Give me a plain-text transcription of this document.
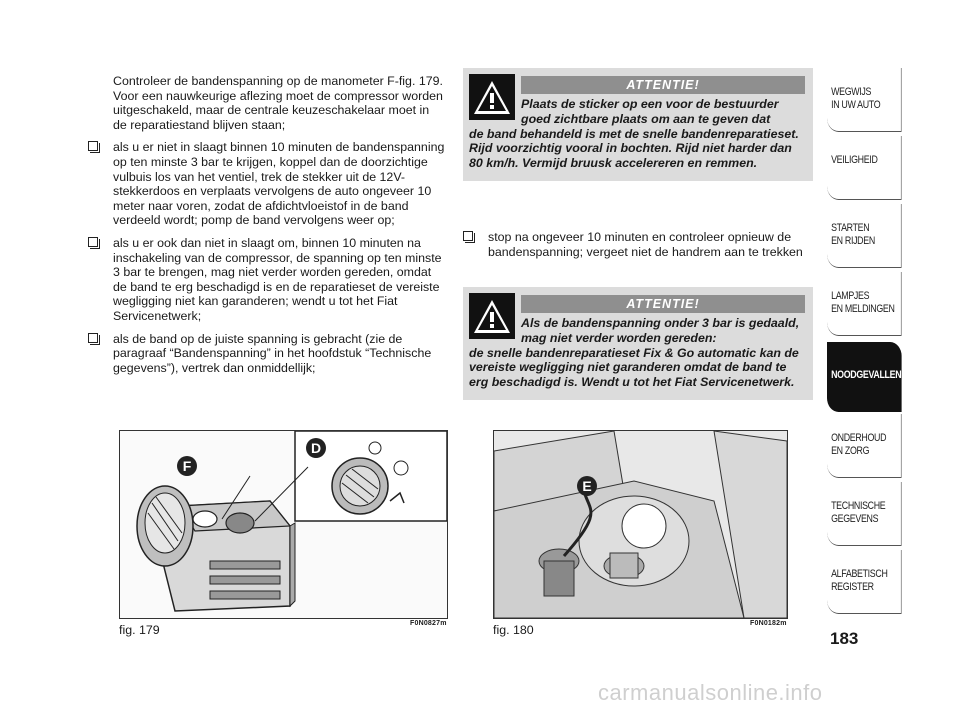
Controleer de bandenspanning op de manometer F-fig. 179. Voor een nauwkeurige aflezing moet de compressor worden uitgeschakeld, maar de centrale keuzeschakelaar moet in de reparatiestand blijven staan;

als u er niet in slaagt binnen 10 minuten de bandenspanning op ten minste 3 bar te krijgen, koppel dan de doorzichtige vulbuis los van het ventiel, trek de stekker uit de 12V-stekkerdoos en verplaats vervolgens de auto ongeveer 10 meter naar voren, zodat de afdichtvloeistof in de band verdeeld wordt; pomp de band vervolgens weer op;
als u er ook dan niet in slaagt om, binnen 10 minuten na inschakeling van de compressor, de spanning op ten minste 3 bar te brengen, mag niet verder worden gereden, omdat de band te erg beschadigd is en de reparatieset de vereiste wegligging niet kan garanderen; wendt u tot het Fiat Servicenetwerk;
als de band op de juiste spanning is gebracht (zie de paragraaf “Bandenspanning” in het hoofdstuk “Technische gegevens”), vertrek dan onmiddellijk;
ATTENTIE!
Plaats de sticker op een voor de bestuurder goed zichtbare plaats om aan te geven dat
de band behandeld is met de snelle bandenreparatieset. Rijd voorzichtig vooral in bochten. Rijd niet harder dan 80 km/h. Vermijd bruusk accelereren en remmen.
stop na ongeveer 10 minuten en controleer opnieuw de bandenspanning; vergeet niet de handrem aan te trekken
ATTENTIE!
Als de bandenspanning onder 3 bar is gedaald, mag niet verder worden gereden:
de snelle bandenreparatieset Fix & Go automatic kan de vereiste wegligging niet garanderen omdat de band te erg beschadigd is. Wendt u tot het Fiat Servicenetwerk.
F
D
fig. 179	F0N0827m
E
fig. 180	F0N0182m
WEGWIJS
IN UW AUTO
VEILIGHEID
STARTEN
EN RIJDEN
LAMPJES
EN MELDINGEN
NOODGEVALLEN
ONDERHOUD
EN ZORG
TECHNISCHE
GEGEVENS
ALFABETISCH
REGISTER
183
carmanualsonline.info
